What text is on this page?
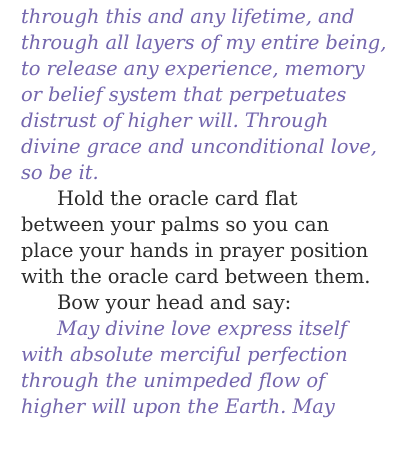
through this and any lifetime, and
through all layers of my entire being,
to release any experience, memory
or belief system that perpetuates
distrust of higher will. Through
divine grace and unconditional love,
so be it.
Hold the oracle card flat
between your palms so you can
place your hands in prayer position
with the oracle card between them.
Bow your head and say:
May divine love express itself
with absolute merciful perfection
through the unimpeded flow of
higher will upon the Earth. May
